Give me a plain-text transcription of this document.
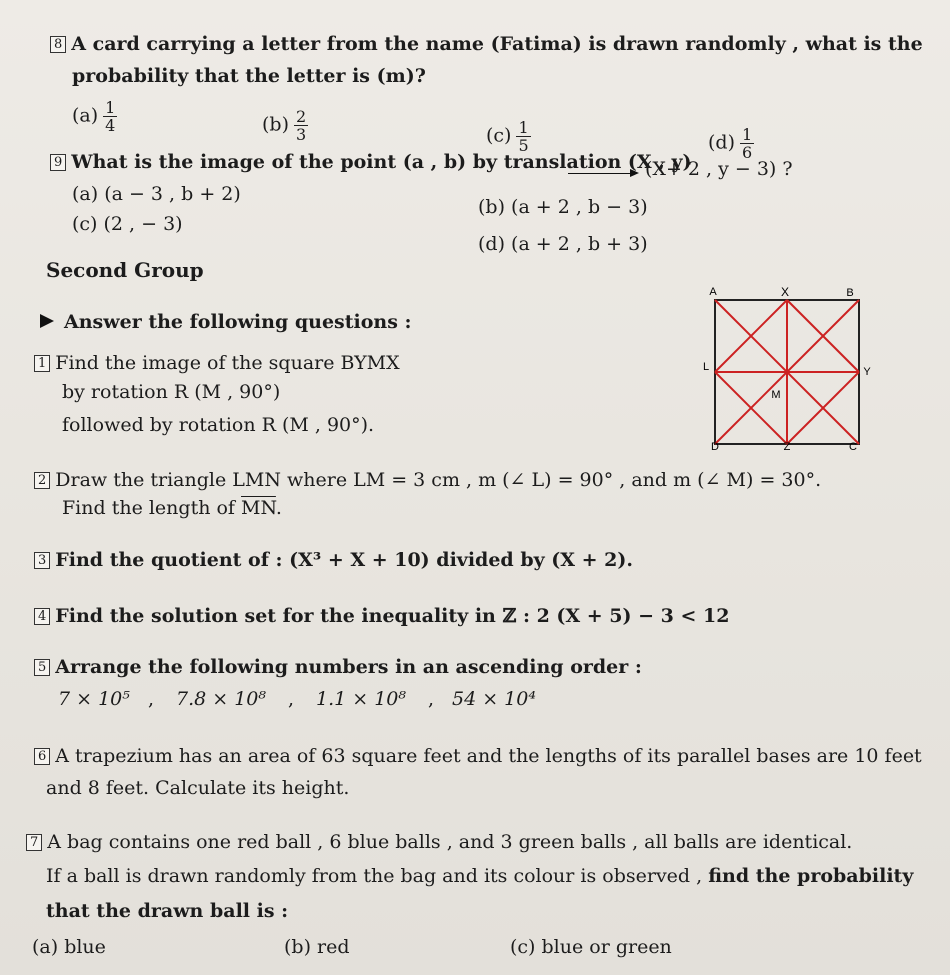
8 A card carrying a letter from the name (Fatima) is drawn randomly , what is the
probability that the letter is (m)?
$(a) \frac{1}{4}$	$(b) \frac{2}{3}$	$(c) \frac{1}{5}$	$(d) \frac{1}{6}$
9 What is the image of the point (a , b) by translation (X , y)
(X+ 2 , y − 3) ?
(a) (a − 3 , b + 2)
(b) (a + 2 , b − 3)
(c) (2 , − 3)
(d) (a + 2 , b + 3)
Second Group
Answer the following questions :
1 Find the image of the square BYMX
by rotation R (M , 90°)
followed by rotation R (M , 90°).
A	X	B
L	Y
M
D	Z	C
2 Draw the triangle LMN where LM = 3 cm , m (∠ L) = 90° , and m (∠ M) = 30°.
Find the length of $\overline{MN}$.
3 Find the quotient of : (X³ + X + 10) divided by (X + 2).
4 Find the solution set for the inequality in ℤ : 2 (X + 5) − 3 < 12
5 Arrange the following numbers in an ascending order :
7 × 10⁵ , 7.8 × 10⁸ , 1.1 × 10⁸ , 54 × 10⁴
6 A trapezium has an area of 63 square feet and the lengths of its parallel bases are 10 feet
and 8 feet. Calculate its height.
7 A bag contains one red ball , 6 blue balls , and 3 green balls , all balls are identical.
If a ball is drawn randomly from the bag and its colour is observed , find the probability
that the drawn ball is :
(a) blue	(b) red	(c) blue or green
